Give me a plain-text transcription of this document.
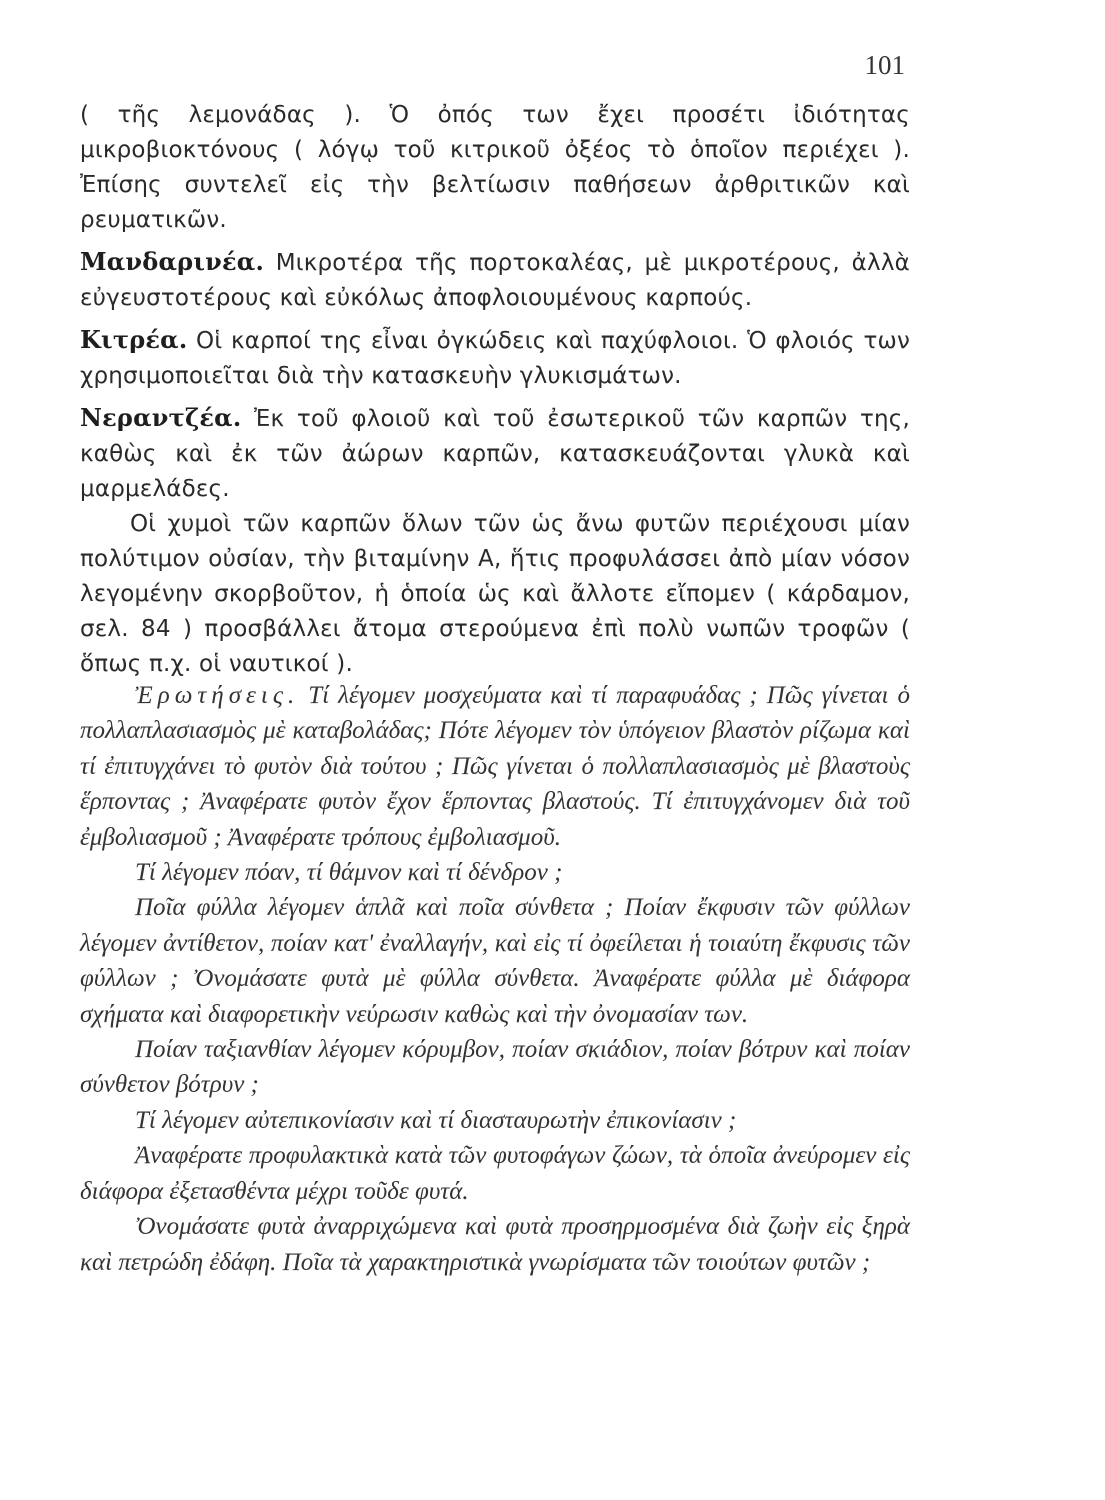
101

( τῆς λεμονάδας ). Ὁ ὀπός των ἔχει προσέτι ἰδιότητας μικροβιοκτόνους ( λόγῳ τοῦ κιτρικοῦ ὀξέος τὸ ὁποῖον περιέχει ). Ἐπίσης συντελεῖ εἰς τὴν βελτίωσιν παθήσεων ἀρθριτικῶν καὶ ρευματικῶν.

Μανδαρινέα. Μικροτέρα τῆς πορτοκαλέας, μὲ μικροτέρους, ἀλλὰ εὐγευστοτέρους καὶ εὐκόλως ἀποφλοιουμένους καρπούς.

Κιτρέα. Οἱ καρποί της εἶναι ὀγκώδεις καὶ παχύφλοιοι. Ὁ φλοιός των χρησιμοποιεῖται διὰ τὴν κατασκευὴν γλυκισμάτων.

Νεραντζέα. Ἐκ τοῦ φλοιοῦ καὶ τοῦ ἐσωτερικοῦ τῶν καρπῶν της, καθὼς καὶ ἐκ τῶν ἀώρων καρπῶν, κατασκευάζονται γλυκὰ καὶ μαρμελάδες.

Οἱ χυμοὶ τῶν καρπῶν ὅλων τῶν ὡς ἄνω φυτῶν περιέχουσι μίαν πολύτιμον οὐσίαν, τὴν βιταμίνην Α, ἥτις προφυλάσσει ἀπὸ μίαν νόσον λεγομένην σκορβοῦτον, ἡ ὁποία ὡς καὶ ἄλλοτε εἴπομεν ( κάρδαμον, σελ. 84 ) προσβάλλει ἄτομα στερούμενα ἐπὶ πολὺ νωπῶν τροφῶν ( ὅπως π.χ. οἱ ναυτικοί ).

Ἐρωτήσεις. Τί λέγομεν μοσχεύματα καὶ τί παραφυάδας ; Πῶς γίνεται ὁ πολλαπλασιασμὸς μὲ καταβολάδας; Πότε λέγομεν τὸν ὑπόγειον βλαστὸν ρίζωμα καὶ τί ἐπιτυγχάνει τὸ φυτὸν διὰ τούτου ; Πῶς γίνεται ὁ πολλαπλασιασμὸς μὲ βλαστοὺς ἕρποντας ; Ἀναφέρατε φυτὸν ἔχον ἕρποντας βλαστούς. Τί ἐπιτυγχάνομεν διὰ τοῦ ἐμβολιασμοῦ ; Ἀναφέρατε τρόπους ἐμβολιασμοῦ.

Τί λέγομεν πόαν, τί θάμνον καὶ τί δένδρον ;

Ποῖα φύλλα λέγομεν ἁπλᾶ καὶ ποῖα σύνθετα ; Ποίαν ἔκφυσιν τῶν φύλλων λέγομεν ἀντίθετον, ποίαν κατ' ἐναλλαγήν, καὶ εἰς τί ὀφείλεται ἡ τοιαύτη ἔκφυσις τῶν φύλλων ; Ὀνομάσατε φυτὰ μὲ φύλλα σύνθετα. Ἀναφέρατε φύλλα μὲ διάφορα σχήματα καὶ διαφορετικὴν νεύρωσιν καθὼς καὶ τὴν ὀνομασίαν των.

Ποίαν ταξιανθίαν λέγομεν κόρυμβον, ποίαν σκιάδιον, ποίαν βότρυν καὶ ποίαν σύνθετον βότρυν ;

Τί λέγομεν αὐτεπικονίασιν καὶ τί διασταυρωτὴν ἐπικονίασιν ;

Ἀναφέρατε προφυλακτικὰ κατὰ τῶν φυτοφάγων ζώων, τὰ ὁποῖα ἀνεύρομεν εἰς διάφορα ἐξετασθέντα μέχρι τοῦδε φυτά.

Ὀνομάσατε φυτὰ ἀναρριχώμενα καὶ φυτὰ προσηρμοσμένα διὰ ζωὴν εἰς ξηρὰ καὶ πετρώδη ἐδάφη. Ποῖα τὰ χαρακτηριστικὰ γνωρίσματα τῶν τοιούτων φυτῶν ;
